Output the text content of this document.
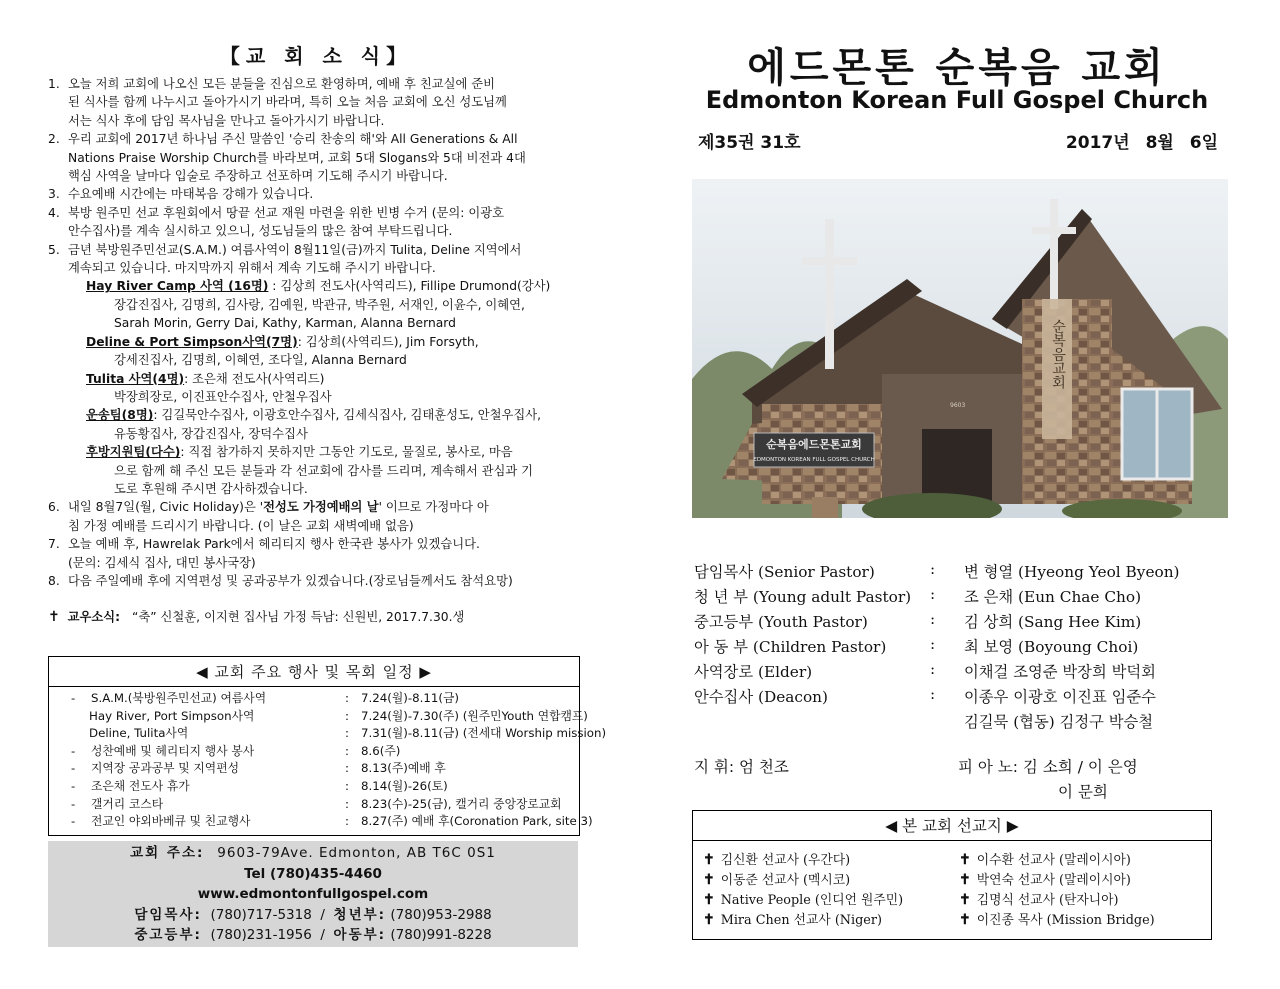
【교 회 소 식】
1. 오늘 저희 교회에 나오신 모든 분들을 진심으로 환영하며, 예배 후 친교실에 준비
된 식사를 함께 나누시고 돌아가시기 바라며, 특히 오늘 처음 교회에 오신 성도님께
서는 식사 후에 담임 목사님을 만나고 돌아가시기 바랍니다.
2. 우리 교회에 2017년 하나님 주신 말씀인 '승리 찬송의 해'와 All Generations & All
Nations Praise Worship Church를 바라보며, 교회 5대 Slogans와 5대 비전과 4대
핵심 사역을 날마다 입술로 주장하고 선포하며 기도해 주시기 바랍니다.
3. 수요예배 시간에는 마태복음 강해가 있습니다.
4. 북방 원주민 선교 후원회에서 땅끝 선교 재원 마련을 위한 빈병 수거 (문의: 이광호
안수집사)를 계속 실시하고 있으니, 성도님들의 많은 참여 부탁드립니다.
5. 금년 북방원주민선교(S.A.M.) 여름사역이 8월11일(금)까지 Tulita, Deline 지역에서
계속되고 있습니다. 마지막까지 위해서 계속 기도해 주시기 바랍니다.
Hay River Camp 사역 (16명) : 김상희 전도사(사역리드), Fillipe Drumond(강사)
장갑진집사, 김명희, 김사랑, 김예원, 박관규, 박주원, 서재인, 이윤수, 이혜연,
Sarah Morin, Gerry Dai, Kathy, Karman, Alanna Bernard
Deline & Port Simpson사역(7명): 김상희(사역리드), Jim Forsyth,
강세진집사, 김명희, 이혜연, 조다일, Alanna Bernard
Tulita 사역(4명): 조은채 전도사(사역리드)
박장희장로, 이진표안수집사, 안철우집사
운송팀(8명): 김길묵안수집사, 이광호안수집사, 김세식집사, 김태훈성도, 안철우집사,
유동황집사, 장갑진집사, 장덕수집사
후방지원팀(다수): 직접 참가하지 못하지만 그동안 기도로, 물질로, 봉사로, 마음
으로 함께 해 주신 모든 분들과 각 선교회에 감사를 드리며, 계속해서 관심과 기
도로 후원해 주시면 감사하겠습니다.
6. 내일 8월7일(월, Civic Holiday)은 '전성도 가정예배의 날' 이므로 가정마다 아
침 가정 예배를 드리시기 바랍니다. (이 날은 교회 새벽예배 없음)
7. 오늘 예배 후, Hawrelak Park에서 헤리티지 행사 한국관 봉사가 있겠습니다.
(문의: 김세식 집사, 대민 봉사국장)
8. 다음 주일예배 후에 지역편성 및 공과공부가 있겠습니다.(장로님들께서도 참석요망)
✝ 교우소식: “축” 신철훈, 이지현 집사님 가정 득남: 신원빈, 2017.7.30.생
◀ 교회 주요 행사 및 목회 일정 ▶
- S.A.M.(북방원주민선교) 여름사역	: 7.24(월)-8.11(금)
Hay River, Port Simpson사역	: 7.24(월)-7.30(주) (원주민Youth 연합캠프)
Deline, Tulita사역	: 7.31(월)-8.11(금) (전세대 Worship mission)
- 성찬예배 및 헤리티지 행사 봉사	: 8.6(주)
- 지역장 공과공부 및 지역편성	: 8.13(주)예배 후
- 조은채 전도사 휴가	: 8.14(월)-26(토)
- 갤거리 코스타	: 8.23(수)-25(금), 캘거리 중앙장로교회
- 전교인 야외바베큐 및 친교행사	: 8.27(주) 예배 후(Coronation Park, site 3)
교회 주소: 9603-79Ave. Edmonton, AB T6C 0S1
Tel (780)435-4460
www.edmontonfullgospel.com
담임목사: (780)717-5318 / 청년부: (780)953-2988
중고등부: (780)231-1956 / 아동부: (780)991-8228
에드몬톤 순복음 교회
Edmonton Korean Full Gospel Church
제35권 31호	2017년 8월 6일
순복음교회
순복음에드몬톤교회
EDMONTON KOREAN FULL GOSPEL CHURCH
9603
담임목사 (Senior Pastor)	: 변 형열 (Hyeong Yeol Byeon)
청 년 부 (Young adult Pastor) : 조 은채 (Eun Chae Cho)
중고등부 (Youth Pastor)	: 김 상희 (Sang Hee Kim)
아 동 부 (Children Pastor)	: 최 보영 (Boyoung Choi)
사역장로 (Elder)	: 이채걸 조영준 박장희 박덕회
안수집사 (Deacon)	: 이종우 이광호 이진표 임준수
김길묵 (협동) 김정구 박승철
지 휘: 엄 천조	피 아 노: 김 소희 / 이 은영
이 문희
◀ 본 교회 선교지 ▶
✝ 김신환 선교사 (우간다)
✝ 이동준 선교사 (멕시코)
✝ Native People (인디언 원주민)
✝ Mira Chen 선교사 (Niger)
✝ 이수환 선교사 (말레이시아)
✝ 박연숙 선교사 (말레이시아)
✝ 김명식 선교사 (탄자니아)
✝ 이진종 목사 (Mission Bridge)
